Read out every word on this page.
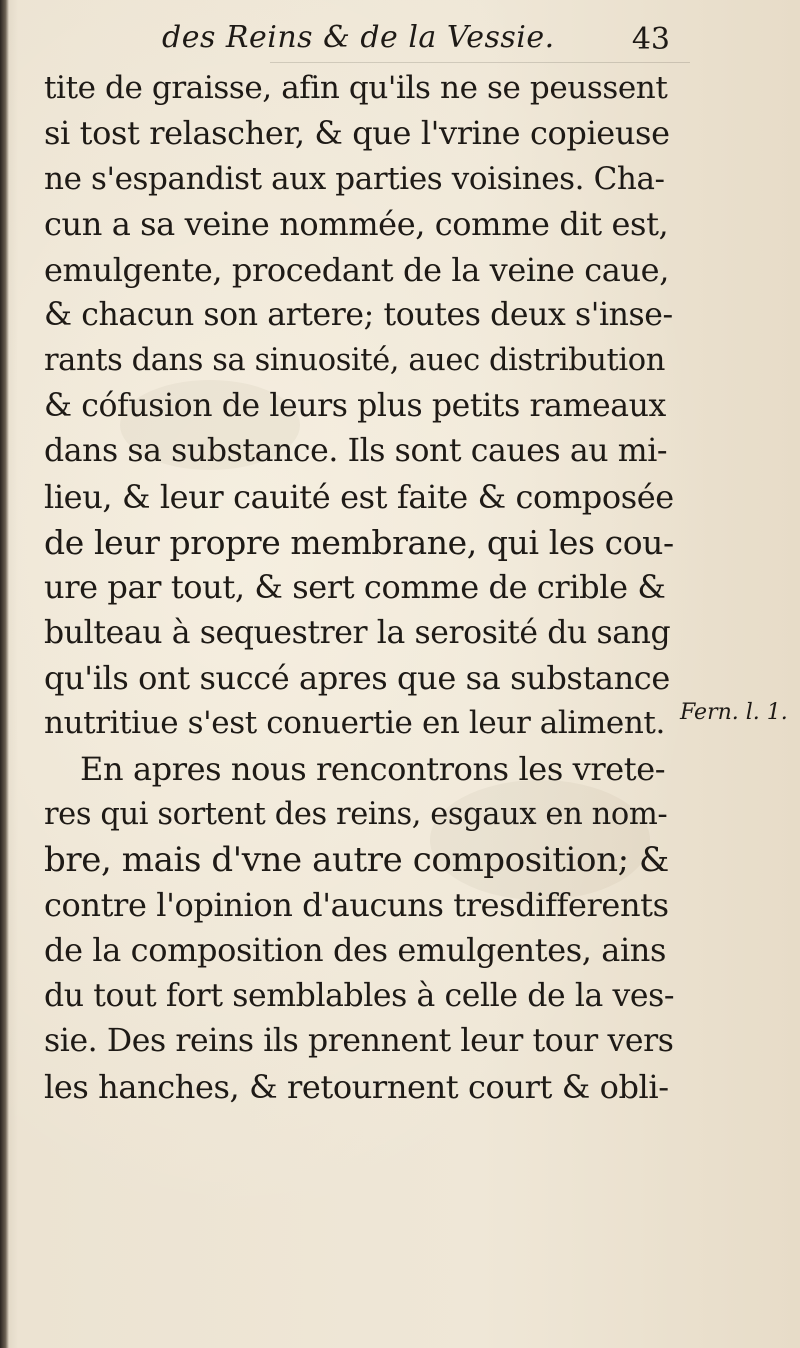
des Reins & de la Vessie.	43
tite de graisse, afin qu'ils ne se peussent
si tost relascher, & que l'vrine copieuse
ne s'espandist aux parties voisines. Cha-
cun a sa veine nommée, comme dit est,
emulgente, procedant de la veine caue,
& chacun son artere; toutes deux s'inse-
rants dans sa sinuosité, auec distribution
& cófusion de leurs plus petits rameaux
dans sa substance. Ils sont caues au mi-
lieu, & leur cauité est faite & composée
de leur propre membrane, qui les cou-
ure par tout, & sert comme de crible &
bulteau à sequestrer la serosité du sang
qu'ils ont succé apres que sa substance
nutritiue s'est conuertie en leur aliment.
En apres nous rencontrons les vrete-
res qui sortent des reins, esgaux en nom-
bre, mais d'vne autre composition; &
contre l'opinion d'aucuns tresdifferents
de la composition des emulgentes, ains
du tout fort semblables à celle de la ves-
sie. Des reins ils prennent leur tour vers
les hanches, & retournent court & obli-
Fern. l. 1.
